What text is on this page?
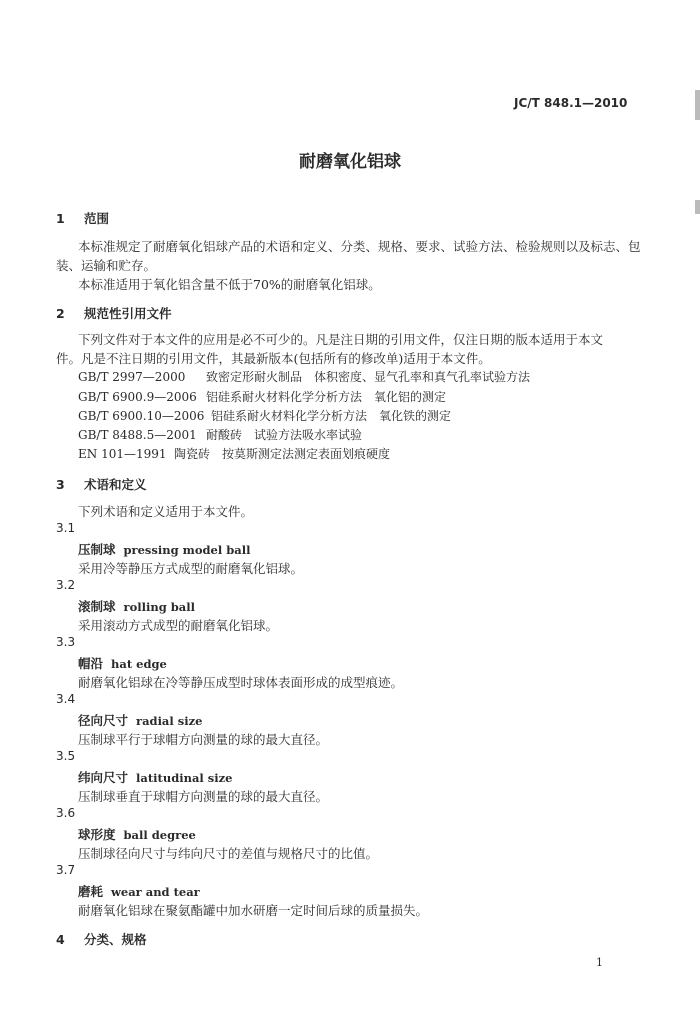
JC/T 848.1—2010
耐磨氧化铝球
1 范围
本标准规定了耐磨氧化铝球产品的术语和定义、分类、规格、要求、试验方法、检验规则以及标志、包
装、运输和贮存。
本标准适用于氧化铝含量不低于70%的耐磨氧化铝球。
2 规范性引用文件
下列文件对于本文件的应用是必不可少的。凡是注日期的引用文件，仅注日期的版本适用于本文
件。凡是不注日期的引用文件，其最新版本(包括所有的修改单)适用于本文件。
GB/T 2997—2000 致密定形耐火制品　体积密度、显气孔率和真气孔率试验方法
GB/T 6900.9—2006 铝硅系耐火材料化学分析方法　氧化铝的测定
GB/T 6900.10—2006 铝硅系耐火材料化学分析方法　氧化铁的测定
GB/T 8488.5—2001 耐酸砖　试验方法吸水率试验
EN 101—1991 陶瓷砖　按莫斯测定法测定表面划痕硬度
3 术语和定义
下列术语和定义适用于本文件。
3.1
压制球 pressing model ball
采用冷等静压方式成型的耐磨氧化铝球。
3.2
滚制球 rolling ball
采用滚动方式成型的耐磨氧化铝球。
3.3
帽沿 hat edge
耐磨氧化铝球在冷等静压成型时球体表面形成的成型痕迹。
3.4
径向尺寸 radial size
压制球平行于球帽方向测量的球的最大直径。
3.5
纬向尺寸 latitudinal size
压制球垂直于球帽方向测量的球的最大直径。
3.6
球形度 ball degree
压制球径向尺寸与纬向尺寸的差值与规格尺寸的比值。
3.7
磨耗 wear and tear
耐磨氧化铝球在聚氨酯罐中加水研磨一定时间后球的质量损失。
4 分类、规格
1
